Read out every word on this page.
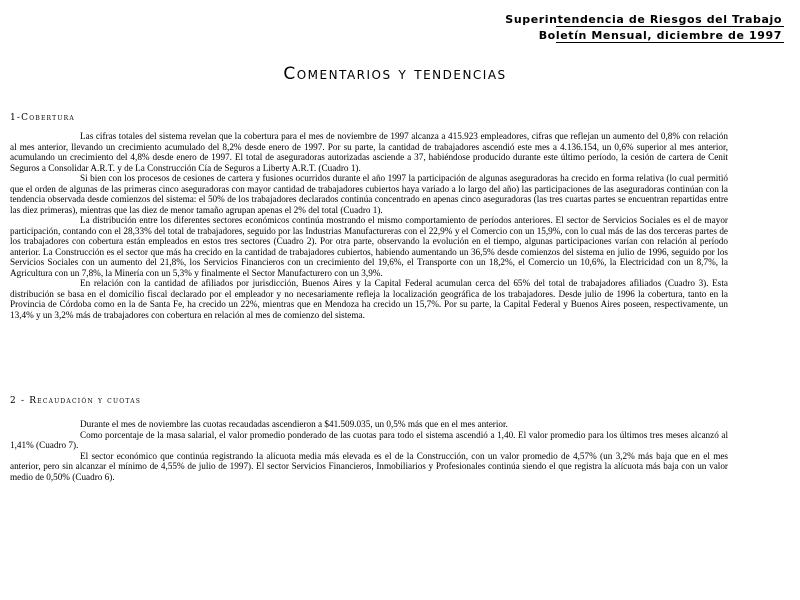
Superintendencia de Riesgos del Trabajo
Boletín Mensual, diciembre de 1997
Comentarios y tendencias
1-Cobertura

Las cifras totales del sistema revelan que la cobertura para el mes de noviembre de 1997 alcanza a 415.923 empleadores, cifras que reflejan un aumento del 0,8% con relación al mes anterior, llevando un crecimiento acumulado del 8,2% desde enero de 1997. Por su parte, la cantidad de trabajadores ascendió este mes a 4.136.154, un 0,6% superior al mes anterior, acumulando un crecimiento del 4,8% desde enero de 1997. El total de aseguradoras autorizadas asciende a 37, habiéndose producido durante este último período, la cesión de cartera de Cenit Seguros a Consolidar A.R.T. y de La Construcción Cía de Seguros a Liberty A.R.T. (Cuadro 1).

Si bien con los procesos de cesiones de cartera y fusiones ocurridos durante el año 1997 la participación de algunas aseguradoras ha crecido en forma relativa (lo cual permitió que el orden de algunas de las primeras cinco aseguradoras con mayor cantidad de trabajadores cubiertos haya variado a lo largo del año) las participaciones de las aseguradoras continúan con la tendencia observada desde comienzos del sistema: el 50% de los trabajadores declarados continúa concentrado en apenas cinco aseguradoras (las tres cuartas partes se encuentran repartidas entre las diez primeras), mientras que las diez de menor tamaño agrupan apenas el 2% del total (Cuadro 1).

La distribución entre los diferentes sectores económicos continúa mostrando el mismo comportamiento de períodos anteriores. El sector de Servicios Sociales es el de mayor participación, contando con el 28,33% del total de trabajadores, seguido por las Industrias Manufactureras con el 22,9% y el Comercio con un 15,9%, con lo cual más de las dos terceras partes de los trabajadores con cobertura están empleados en estos tres sectores (Cuadro 2). Por otra parte, observando la evolución en el tiempo, algunas participaciones varían con relación al período anterior. La Construcción es el sector que más ha crecido en la cantidad de trabajadores cubiertos, habiendo aumentando un 36,5% desde comienzos del sistema en julio de 1996, seguido por los Servicios Sociales con un aumento del 21,8%, los Servicios Financieros con un crecimiento del 19,6%, el Transporte con un 18,2%, el Comercio un 10,6%, la Electricidad con un 8,7%, la Agricultura con un 7,8%, la Minería con un 5,3% y finalmente el Sector Manufacturero con un 3,9%.

En relación con la cantidad de afiliados por jurisdicción, Buenos Aires y la Capital Federal acumulan cerca del 65% del total de trabajadores afiliados (Cuadro 3). Esta distribución se basa en el domicilio fiscal declarado por el empleador y no necesariamente refleja la localización geográfica de los trabajadores. Desde julio de 1996 la cobertura, tanto en la Provincia de Córdoba como en la de Santa Fe, ha crecido un 22%, mientras que en Mendoza ha crecido un 15,7%. Por su parte, la Capital Federal y Buenos Aires poseen, respectivamente, un 13,4% y un 3,2% más de trabajadores con cobertura en relación al mes de comienzo del sistema.

2 - Recaudación y cuotas

Durante el mes de noviembre las cuotas recaudadas ascendieron a $41.509.035, un 0,5% más que en el mes anterior.

Como porcentaje de la masa salarial, el valor promedio ponderado de las cuotas para todo el sistema ascendió a 1,40. El valor promedio para los últimos tres meses alcanzó al 1,41% (Cuadro 7).

El sector económico que continúa registrando la alícuota media más elevada es el de la Construcción, con un valor promedio de 4,57% (un 3,2% más baja que en el mes anterior, pero sin alcanzar el mínimo de 4,55% de julio de 1997). El sector Servicios Financieros, Inmobiliarios y Profesionales continúa siendo el que registra la alícuota más baja con un valor medio de 0,50% (Cuadro 6).
